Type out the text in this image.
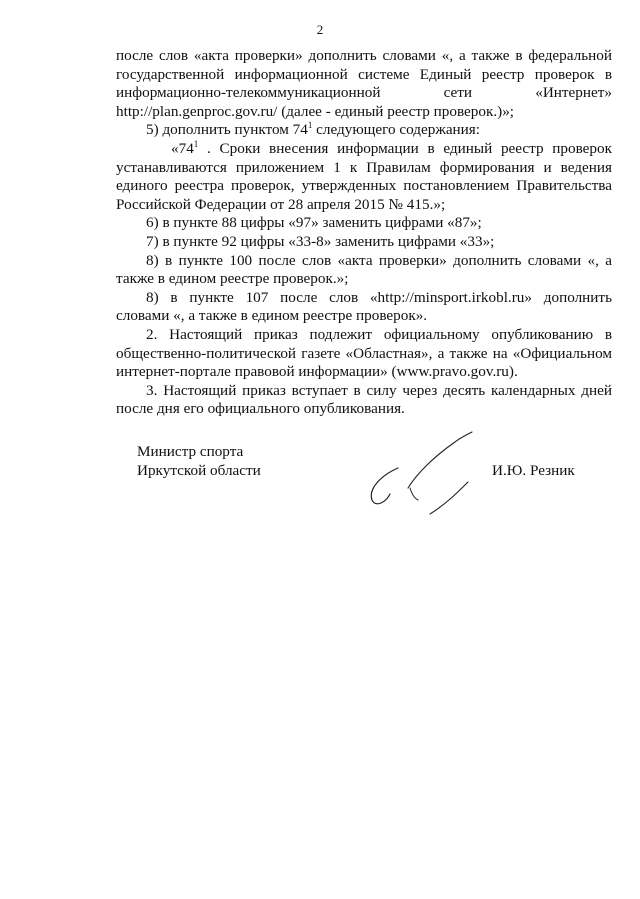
2

после слов «акта проверки» дополнить словами «, а также в федеральной государственной информационной системе Единый реестр проверок в информационно-телекоммуникационной сети «Интернет»

http://plan.genproc.gov.ru/ (далее - единый реестр проверок.)»;

5) дополнить пунктом $74^1$ следующего содержания:

«$74^1$ . Сроки внесения информации в единый реестр проверок устанавливаются приложением 1 к Правилам формирования и ведения единого реестра проверок, утвержденных постановлением Правительства Российской Федерации от 28 апреля 2015 № 415.»;

6) в пункте 88 цифры «97» заменить цифрами «87»;

7) в пункте 92 цифры «33-8» заменить цифрами «33»;

8) в пункте 100 после слов «акта проверки» дополнить словами «, а также в едином реестре проверок.»;

8) в пункте 107 после слов «http://minsport.irkobl.ru» дополнить словами «, а также в едином реестре проверок».

2. Настоящий приказ подлежит официальному опубликованию в общественно-политической газете «Областная», а также на «Официальном интернет-портале правовой информации» (www.pravo.gov.ru).

3. Настоящий приказ вступает в силу через десять календарных дней после дня его официального опубликования.

Министр спорта
Иркутской области	И.Ю. Резник
